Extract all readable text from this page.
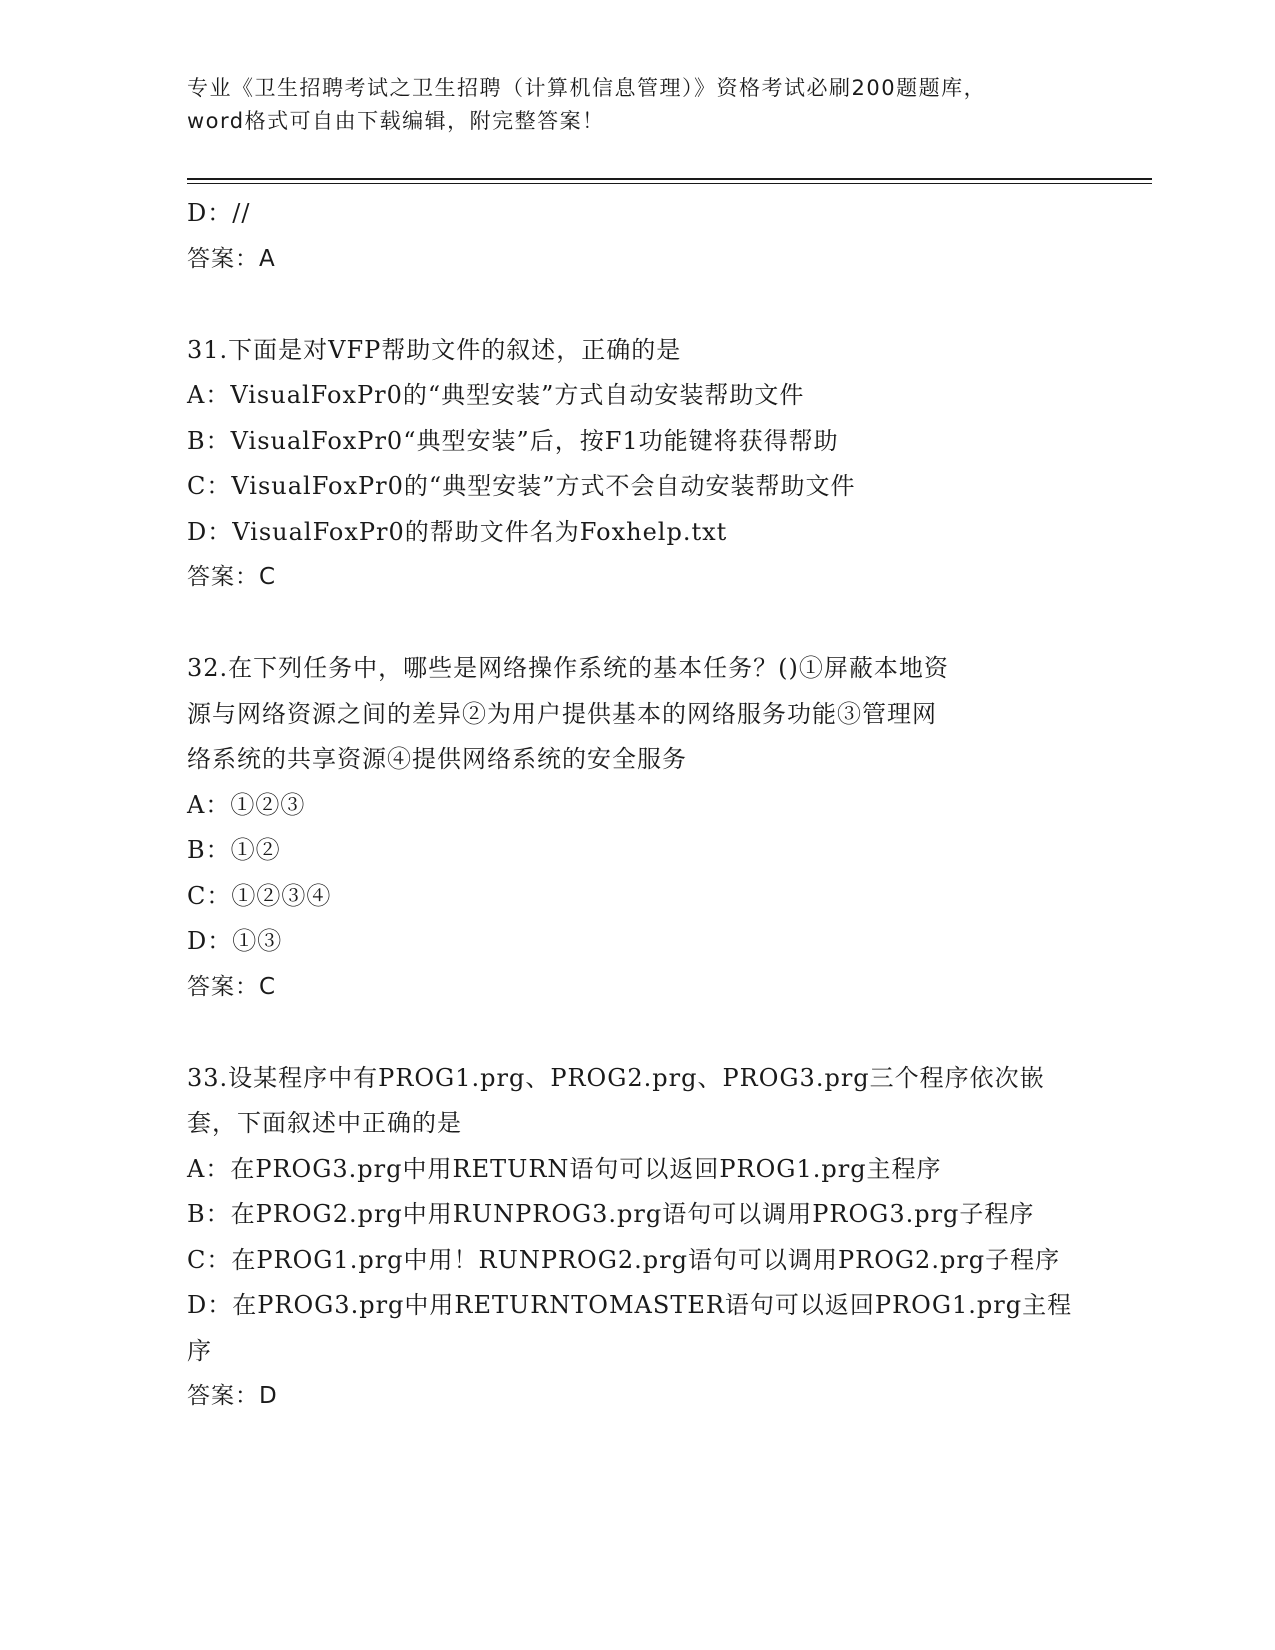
专业《卫生招聘考试之卫生招聘（计算机信息管理）》资格考试必刷200题题库，
word格式可自由下载编辑，附完整答案！
D：//
答案：A
31.下面是对VFP帮助文件的叙述，正确的是
A：VisualFoxPr0的“典型安装”方式自动安装帮助文件
B：VisualFoxPr0“典型安装”后，按F1功能键将获得帮助
C：VisualFoxPr0的“典型安装”方式不会自动安装帮助文件
D：VisualFoxPr0的帮助文件名为Foxhelp.txt
答案：C
32.在下列任务中，哪些是网络操作系统的基本任务？()①屏蔽本地资
源与网络资源之间的差异②为用户提供基本的网络服务功能③管理网
络系统的共享资源④提供网络系统的安全服务
A：①②③
B：①②
C：①②③④
D：①③
答案：C
33.设某程序中有PROG1.prg、PROG2.prg、PROG3.prg三个程序依次嵌
套，下面叙述中正确的是
A：在PROG3.prg中用RETURN语句可以返回PROG1.prg主程序
B：在PROG2.prg中用RUNPROG3.prg语句可以调用PROG3.prg子程序
C：在PROG1.prg中用！RUNPROG2.prg语句可以调用PROG2.prg子程序
D：在PROG3.prg中用RETURNTOMASTER语句可以返回PROG1.prg主程
序
答案：D
